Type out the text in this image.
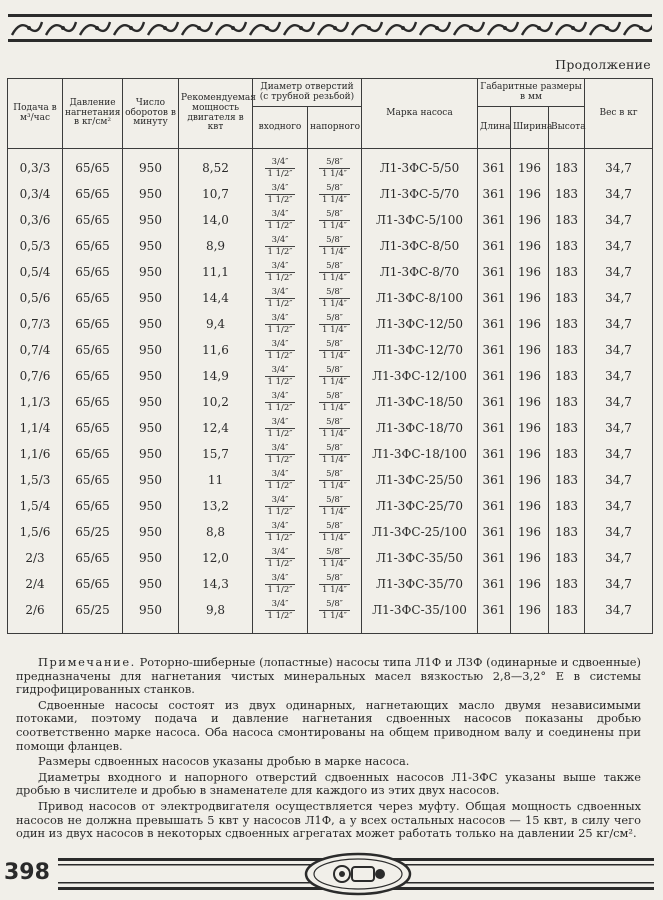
Продолжение
Подача в м³/час	Давление нагнетания в кг/см²	Число оборотов в минуту	Рекомендуемая мощность двигателя в квт	Диаметр отверстий (с трубной резьбой)		Марка насоса	Габаритные размеры в мм			Вес в кг
				входного	напорного		Длина	Ширина	Высота	

0,3/3	65/65	950	8,52	$\frac{3/4''}{1 1/2''}$	$\frac{5/8''}{1 1/4''}$	Л1-3ФС-5/50	361	196	183	34,7
0,3/4	65/65	950	10,7	$\frac{3/4''}{1 1/2''}$	$\frac{5/8''}{1 1/4''}$	Л1-3ФС-5/70	361	196	183	34,7
0,3/6	65/65	950	14,0	$\frac{3/4''}{1 1/2''}$	$\frac{5/8''}{1 1/4''}$	Л1-3ФС-5/100	361	196	183	34,7
0,5/3	65/65	950	8,9	$\frac{3/4''}{1 1/2''}$	$\frac{5/8''}{1 1/4''}$	Л1-3ФС-8/50	361	196	183	34,7
0,5/4	65/65	950	11,1	$\frac{3/4''}{1 1/2''}$	$\frac{5/8''}{1 1/4''}$	Л1-3ФС-8/70	361	196	183	34,7
0,5/6	65/65	950	14,4	$\frac{3/4''}{1 1/2''}$	$\frac{5/8''}{1 1/4''}$	Л1-3ФС-8/100	361	196	183	34,7
0,7/3	65/65	950	9,4	$\frac{3/4''}{1 1/2''}$	$\frac{5/8''}{1 1/4''}$	Л1-3ФС-12/50	361	196	183	34,7
0,7/4	65/65	950	11,6	$\frac{3/4''}{1 1/2''}$	$\frac{5/8''}{1 1/4''}$	Л1-3ФС-12/70	361	196	183	34,7
0,7/6	65/65	950	14,9	$\frac{3/4''}{1 1/2''}$	$\frac{5/8''}{1 1/4''}$	Л1-3ФС-12/100	361	196	183	34,7
1,1/3	65/65	950	10,2	$\frac{3/4''}{1 1/2''}$	$\frac{5/8''}{1 1/4''}$	Л1-3ФС-18/50	361	196	183	34,7
1,1/4	65/65	950	12,4	$\frac{3/4''}{1 1/2''}$	$\frac{5/8''}{1 1/4''}$	Л1-3ФС-18/70	361	196	183	34,7
1,1/6	65/65	950	15,7	$\frac{3/4''}{1 1/2''}$	$\frac{5/8''}{1 1/4''}$	Л1-3ФС-18/100	361	196	183	34,7
1,5/3	65/65	950	11	$\frac{3/4''}{1 1/2''}$	$\frac{5/8''}{1 1/4''}$	Л1-3ФС-25/50	361	196	183	34,7
1,5/4	65/65	950	13,2	$\frac{3/4''}{1 1/2''}$	$\frac{5/8''}{1 1/4''}$	Л1-3ФС-25/70	361	196	183	34,7
1,5/6	65/25	950	8,8	$\frac{3/4''}{1 1/2''}$	$\frac{5/8''}{1 1/4''}$	Л1-3ФС-25/100	361	196	183	34,7
2/3	65/65	950	12,0	$\frac{3/4''}{1 1/2''}$	$\frac{5/8''}{1 1/4''}$	Л1-3ФС-35/50	361	196	183	34,7
2/4	65/65	950	14,3	$\frac{3/4''}{1 1/2''}$	$\frac{5/8''}{1 1/4''}$	Л1-3ФС-35/70	361	196	183	34,7
2/6	65/25	950	9,8	$\frac{3/4''}{1 1/2''}$	$\frac{5/8''}{1 1/4''}$	Л1-3ФС-35/100	361	196	183	34,7

Примечание. Роторно-шиберные (лопастные) насосы типа Л1Ф и Л3Ф (одинарные и сдвоенные) предназначены для нагнетания чистых минеральных масел вязкостью 2,8—3,2° Е в системы гидрофицированных станков.

Сдвоенные насосы состоят из двух одинарных, нагнетающих масло двумя независимыми потоками, поэтому подача и давление нагнетания сдвоенных насосов показаны дробью соответственно марке насоса. Оба насоса смонтированы на общем приводном валу и соединены при помощи фланцев.

Размеры сдвоенных насосов указаны дробью в марке насоса.

Диаметры входного и напорного отверстий сдвоенных насосов Л1-3ФС указаны выше также дробью в числителе и дробью в знаменателе для каждого из этих двух насосов.

Привод насосов от электродвигателя осуществляется через муфту. Общая мощность сдвоенных насосов не должна превышать 5 квт у насосов Л1Ф, а у всех остальных насосов — 15 квт, в силу чего один из двух насосов в некоторых сдвоенных агрегатах может работать только на давлении 25 кг/см².

398
